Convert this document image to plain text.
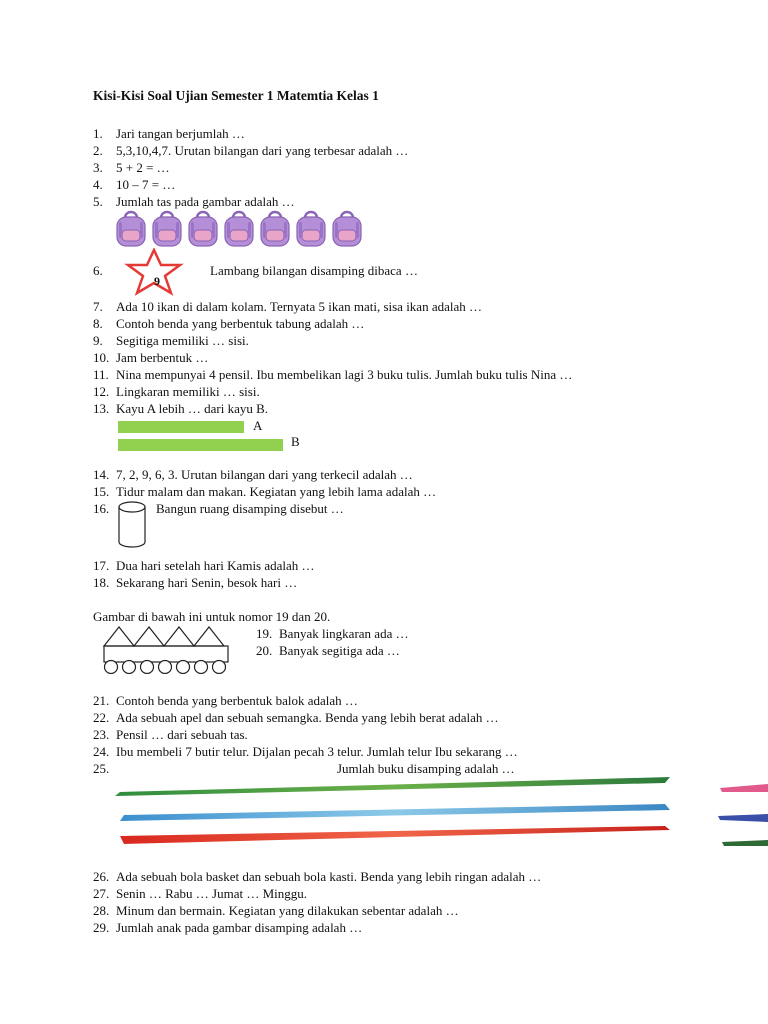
Kisi-Kisi Soal Ujian Semester 1 Matemtia Kelas 1
1. Jari tangan berjumlah …
2. 5,3,10,4,7. Urutan bilangan dari yang terbesar adalah …
3. 5 + 2 = …
4. 10 – 7 = …
5. Jumlah tas pada gambar adalah …
6.
9
Lambang bilangan disamping dibaca …
7. Ada 10 ikan di dalam kolam. Ternyata 5 ikan mati, sisa ikan adalah …
8. Contoh benda yang berbentuk tabung adalah …
9. Segitiga memiliki … sisi.
10. Jam berbentuk …
11. Nina mempunyai 4 pensil. Ibu membelikan lagi 3 buku tulis. Jumlah buku tulis Nina …
12. Lingkaran memiliki … sisi.
13. Kayu A lebih … dari kayu B.
A
B
14. 7, 2, 9, 6, 3. Urutan bilangan dari yang terkecil adalah …
15. Tidur malam dan makan. Kegiatan yang lebih lama adalah …
16.	Bangun ruang disamping disebut …
17. Dua hari setelah hari Kamis adalah …
18. Sekarang hari Senin, besok hari …
Gambar di bawah ini untuk nomor 19 dan 20.
19. Banyak lingkaran ada …
20. Banyak segitiga ada …
21. Contoh benda yang berbentuk balok adalah …
22. Ada sebuah apel dan sebuah semangka. Benda yang lebih berat adalah …
23. Pensil … dari sebuah tas.
24. Ibu membeli 7 butir telur. Dijalan pecah 3 telur. Jumlah telur Ibu sekarang …
25.	Jumlah buku disamping adalah …
26. Ada sebuah bola basket dan sebuah bola kasti. Benda yang lebih ringan adalah …
27. Senin … Rabu … Jumat … Minggu.
28. Minum dan bermain. Kegiatan yang dilakukan sebentar adalah …
29. Jumlah anak pada gambar disamping adalah …
